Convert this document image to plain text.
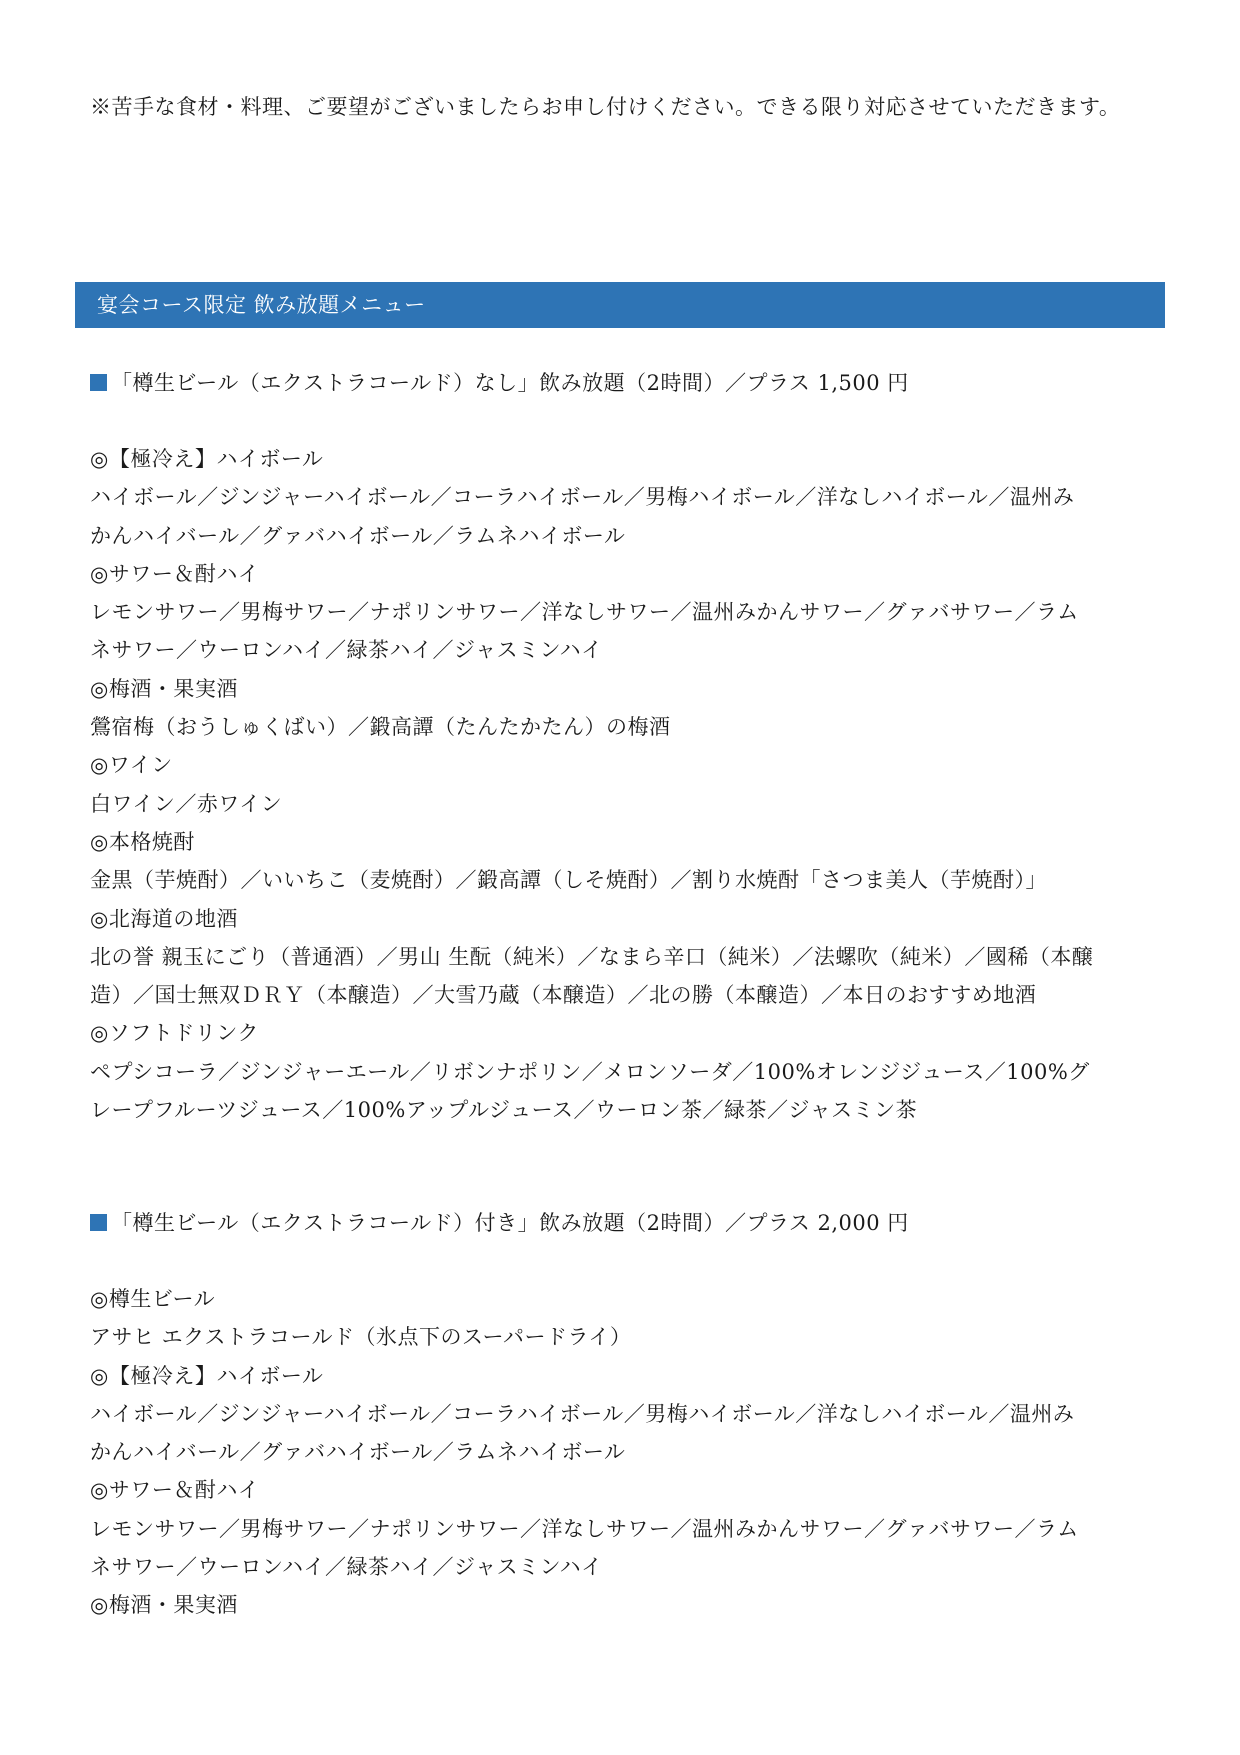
※苦手な食材・料理、ご要望がございましたらお申し付けください。できる限り対応させていただきます。
宴会コース限定 飲み放題メニュー
「樽生ビール（エクストラコールド）なし」飲み放題（2時間）／プラス 1,500 円

◎【極冷え】ハイボール

ハイボール／ジンジャーハイボール／コーラハイボール／男梅ハイボール／洋なしハイボール／温州み

かんハイバール／グァバハイボール／ラムネハイボール

◎サワー＆酎ハイ

レモンサワー／男梅サワー／ナポリンサワー／洋なしサワー／温州みかんサワー／グァバサワー／ラム

ネサワー／ウーロンハイ／緑茶ハイ／ジャスミンハイ

◎梅酒・果実酒

鶯宿梅（おうしゅくばい）／鍛高譚（たんたかたん）の梅酒

◎ワイン

白ワイン／赤ワイン

◎本格焼酎

金黒（芋焼酎）／いいちこ（麦焼酎）／鍛高譚（しそ焼酎）／割り水焼酎「さつま美人（芋焼酎）」

◎北海道の地酒

北の誉 親玉にごり（普通酒）／男山 生酛（純米）／なまら辛口（純米）／法螺吹（純米）／國稀（本醸

造）／国士無双ＤＲＹ（本醸造）／大雪乃蔵（本醸造）／北の勝（本醸造）／本日のおすすめ地酒

◎ソフトドリンク

ペプシコーラ／ジンジャーエール／リボンナポリン／メロンソーダ／100%オレンジジュース／100%グ

レープフルーツジュース／100%アップルジュース／ウーロン茶／緑茶／ジャスミン茶

「樽生ビール（エクストラコールド）付き」飲み放題（2時間）／プラス 2,000 円

◎樽生ビール

アサヒ エクストラコールド（氷点下のスーパードライ）

◎【極冷え】ハイボール

ハイボール／ジンジャーハイボール／コーラハイボール／男梅ハイボール／洋なしハイボール／温州み

かんハイバール／グァバハイボール／ラムネハイボール

◎サワー＆酎ハイ

レモンサワー／男梅サワー／ナポリンサワー／洋なしサワー／温州みかんサワー／グァバサワー／ラム

ネサワー／ウーロンハイ／緑茶ハイ／ジャスミンハイ

◎梅酒・果実酒
